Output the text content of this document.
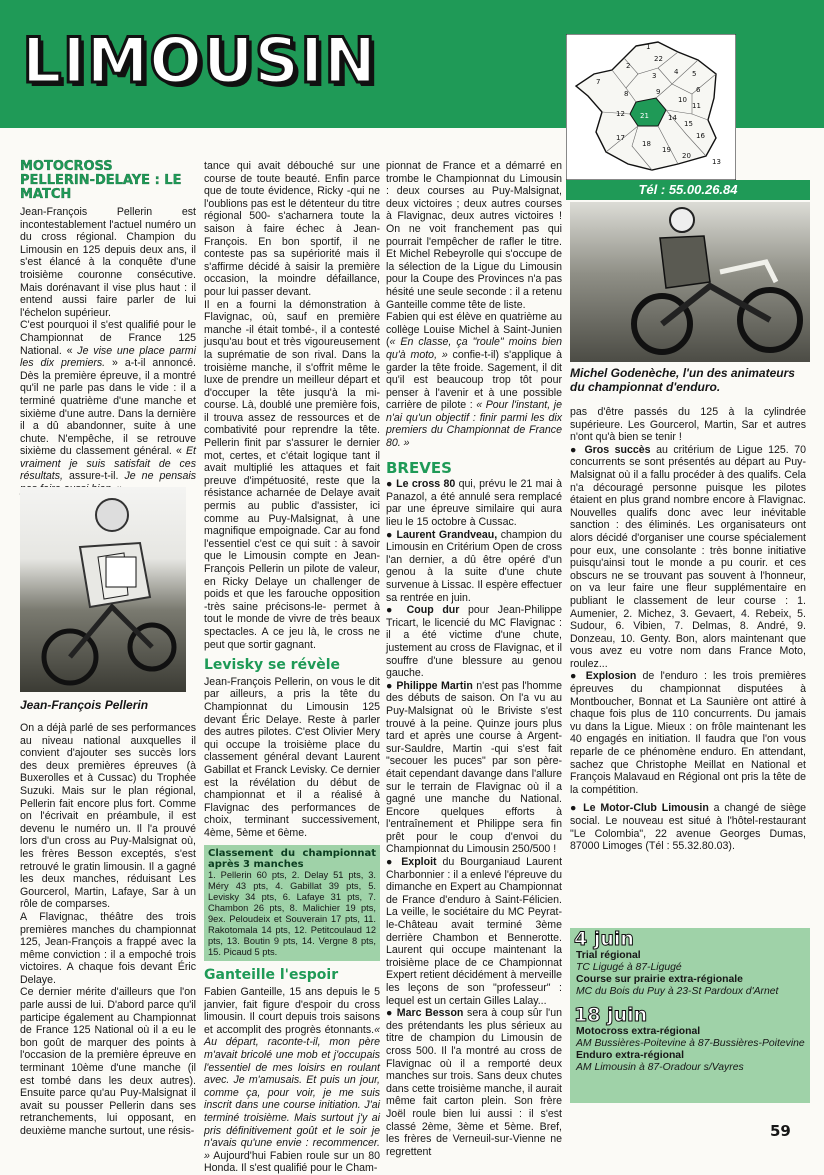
LIMOUSIN	1
22
2
3	4 5
6
7
8	9
10
11
12 21	14
15
16
17
18
19
20
13
Tél : 55.00.26.84
MOTOCROSS
PELLERIN-DELAYE : LE
MATCH

Jean-François Pellerin est incontestablement l'actuel numéro un du cross régional. Champion du Limousin en 125 depuis deux ans, il s'est élancé à la conquête d'une troisième couronne consécutive. Mais dorénavant il vise plus haut : il entend aussi faire parler de lui l'échelon supérieur.

C'est pourquoi il s'est qualifié pour le Championnat de France 125 National. « Je vise une place parmi les dix premiers. » a-t-il annoncé. Dès la première épreuve, il a montré qu'il ne parle pas dans le vide : il a terminé quatrième d'une manche et sixième d'une autre. Dans la dernière il a dû abandonner, suite à une chute. N'empêche, il se retrouve sixième du classement général. « Et vraiment je suis satisfait de ces résultats, assure-t-il. Je ne pensais

Jean-François Pellerin

On a déjà parlé de ses performances au niveau national auxquelles il convient d'ajouter ses succès lors des deux premières épreuves (à Buxerolles et à Cussac) du Trophée Suzuki. Mais sur le plan régional, Pellerin fait encore plus fort. Comme on l'écrivait en préambule, il est devenu le numéro un. Il l'a prouvé lors d'un cross au Puy-Malsignat où, les frères Besson exceptés, s'est retrouvé le gratin limousin. Il a gagné les deux manches, réduisant Les Gourcerol, Martin, Lafaye, Sar à un rôle de comparses.

A Flavignac, théâtre des trois premières manches du championnat 125, Jean-François a frappé avec la même conviction : il a empoché trois victoires. A chaque fois devant Éric Delaye.

Ce dernier mérite d'ailleurs que l'on parle aussi de lui. D'abord parce qu'il participe également au Championnat de France 125 National où il a eu le bon goût de marquer des points à l'occasion de la première épreuve en terminant 10ème d'une manche (il est tombé dans les deux autres). Ensuite parce qu'au Puy-Malsignat il avait su pousser Pellerin dans ses retranchements, lui opposant, en deuxième manche surtout, une résis-

tance qui avait débouché sur une course de toute beauté. Enfin parce que de toute évidence, Ricky -qui ne l'oublions pas est le détenteur du titre régional 500- s'acharnera toute la saison à faire échec à Jean-François. En bon sportif, il ne conteste pas sa supériorité mais il s'affirme décidé à saisir la première occasion, la moindre défaillance, pour lui passer devant.

Il en a fourni la démonstration à Flavignac, où, sauf en première manche -il était tombé-, il a contesté jusqu'au bout et très vigoureusement la suprématie de son rival. Dans la troisième manche, il s'offrit même le luxe de prendre un meilleur départ et d'occuper la tête jusqu'à la mi-course. Là, doublé une première fois, il trouva assez de ressources et de combativité pour reprendre la tête. Pellerin finit par s'assurer le dernier mot, certes, et c'était logique tant il avait multiplié les attaques et fait preuve d'impétuosité, reste que la résistance acharnée de Delaye avait permis au public d'assister, ici comme au Puy-Malsignat, à une magnifique empoignade. Car au fond l'essentiel c'est ce qui suit : à savoir que le Limousin compte en Jean-François Pellerin un pilote de valeur, en Ricky Delaye un challenger de poids et que les farouche opposition -très saine précisons-le- permet à tout le monde de vivre de très beaux spectacles. A ce jeu là, le cross ne peut que sortir gagnant.

Levisky se révèle

Jean-François Pellerin, on vous le dit par ailleurs, a pris la tête du Championnat du Limousin 125 devant Éric Delaye. Reste à parler des autres pilotes. C'est Olivier Mery qui occupe la troisième place du classement général devant Laurent Gabillat et Franck Levisky. Ce dernier est la révélation du début de championnat et il a réalisé à Flavignac des performances de choix, terminant successivement, 4ème, 5ème et 6ème.

Classement du championnat après 3 manches
1. Pellerin 60 pts, 2. Delay 51 pts, 3. Méry 43 pts, 4. Gabillat 39 pts, 5. Levisky 34 pts, 6. Lafaye 31 pts, 7. Chambon 26 pts, 8. Malichier 19 pts, 9ex. Peloudeix et Souverain 17 pts, 11. Rakotomala 14 pts, 12. Petitcoulaud 12 pts, 13. Boutin 9 pts, 14. Vergne 8 pts, 15. Picaud 5 pts.
Ganteille l'espoir

Fabien Ganteille, 15 ans depuis le 5 janvier, fait figure d'espoir du cross limousin. Il court depuis trois saisons et accomplit des progrès étonnants.« Au départ, raconte-t-il, mon père m'avait bricolé une mob et j'occupais l'essentiel de mes loisirs en roulant avec. Je m'amusais. Et puis un jour, comme ça, pour voir, je me suis inscrit dans une course initiation. J'ai terminé troisième. Mais surtout j'y ai pris définitivement goût et le soir je n'avais qu'une envie : recommencer. » Aujourd'hui Fabien roule sur un 80 Honda. Il s'est qualifié pour le Cham-

pionnat de France et a démarré en trombe le Championnat du Limousin : deux courses au Puy-Malsignat, deux victoires ; deux autres courses à Flavignac, deux autres victoires ! On ne voit franchement pas qui pourrait l'empêcher de rafler le titre. Et Michel Rebeyrolle qui s'occupe de la sélection de la Ligue du Limousin pour la Coupe des Provinces n'a pas hésité une seule seconde : il a retenu Ganteille comme tête de liste.

Fabien qui est élève en quatrième au collège Louise Michel à Saint-Junien (« En classe, ça "roule" moins bien qu'à moto, » confie-t-il) s'applique à garder la tête froide. Sagement, il dit qu'il est beaucoup trop tôt pour penser à l'avenir et à une possible carrière de pilote : « Pour l'instant, je n'ai qu'un objectif : finir parmi les dix premiers du Championnat de France 80. »

BREVES

● Le cross 80 qui, prévu le 21 mai à Panazol, a été annulé sera remplacé par une épreuve similaire qui aura lieu le 15 octobre à Cussac.

● Laurent Grandveau, champion du Limousin en Critérium Open de cross l'an dernier, a dû être opéré d'un genou à la suite d'une chute survenue à Lissac. Il espère effectuer sa rentrée en juin.

● Coup dur pour Jean-Philippe Tricart, le licencié du MC Flavignac : il a été victime d'une chute, justement au cross de Flavignac, et il souffre d'une blessure au genou gauche.

● Philippe Martin n'est pas l'homme des débuts de saison. On l'a vu au Puy-Malsignat où le Briviste s'est trouvé à la peine. Quinze jours plus tard et après une course à Argent-sur-Sauldre, Martin -qui s'est fait "secouer les puces" par son père- était cependant davange dans l'allure sur le terrain de Flavignac où il a gagné une manche du National. Encore quelques efforts à l'entraînement et Philippe sera fin prêt pour le coup d'envoi du Championnat du Limousin 250/500 !

● Exploit du Bourganiaud Laurent Charbonnier : il a enlevé l'épreuve du dimanche en Expert au Championnat de France d'enduro à Saint-Félicien. La veille, le sociétaire du MC Peyrat-le-Château avait terminé 3ème derrière Chambon et Bennerotte. Laurent qui occupe maintenant la troisième place de ce Championnat Expert retient décidément à merveille les leçons de son "professeur" : lequel est un certain Gilles Lalay...

● Marc Besson sera à coup sûr l'un des prétendants les plus sérieux au titre de champion du Limousin de cross 500. Il l'a montré au cross de Flavignac où il a remporté deux manches sur trois. Sans deux chutes dans cette troisième manche, il aurait même fait carton plein. Son frère Joël roule bien lui aussi : il s'est classé 2ème, 3ème et 5ème. Bref, les frères de Verneuil-sur-Vienne ne regrettent

Michel Godenèche, l'un des animateurs du championnat d'enduro.

pas d'être passés du 125 à la cylindrée supérieure. Les Gourcerol, Martin, Sar et autres n'ont qu'à bien se tenir !

● Gros succès au critérium de Ligue 125. 70 concurrents se sont présentés au départ au Puy-Malsignat où il a fallu procéder à des qualifs. Cela n'a découragé personne puisque les pilotes étaient en plus grand nombre encore à Flavignac. Nouvelles qualifs donc avec leur inévitable sanction : des éliminés. Les organisateurs ont alors décidé d'organiser une course spécialement pour eux, une consolante : très bonne initiative puisqu'ainsi tout le monde a pu courir. et ces obscurs ne se trouvant pas souvent à l'honneur, on va leur faire une fleur supplémentaire en publiant le classement de leur course : 1. Aumenier, 2. Michez, 3. Gevaert, 4. Rebeix, 5. Sudour, 6. Vibien, 7. Delmas, 8. André, 9. Donzeau, 10. Genty. Bon, alors maintenant que vous avez eu votre nom dans France Moto, roulez...

● Explosion de l'enduro : les trois premières épreuves du championnat disputées à Montboucher, Bonnat et La Saunière ont attiré à chaque fois plus de 110 concurrents. Du jamais vu dans la Ligue. Mieux : on frôle maintenant les 40 engagés en initiation. Il faudra que l'on vous reparle de ce phénomène enduro. En attendant, sachez que Christophe Meillat en National et François Malavaud en Régional ont pris la tête de la compétition.

● Le Motor-Club Limousin a changé de siège social. Le nouveau est situé à l'hôtel-restaurant "Le Colombia", 22 avenue Georges Dumas, 87000 Limoges (Tél : 55.32.80.03).

4 juin
Trial régional
TC Ligugé à 87-Ligugé
Course sur prairie extra-régionale
MC du Bois du Puy à 23-St Pardoux d'Arnet
18 juin
Motocross extra-régional
AM Bussières-Poitevine à 87-Bussières-Poitevine
Enduro extra-régional
AM Limousin à 87-Oradour s/Vayres
59
